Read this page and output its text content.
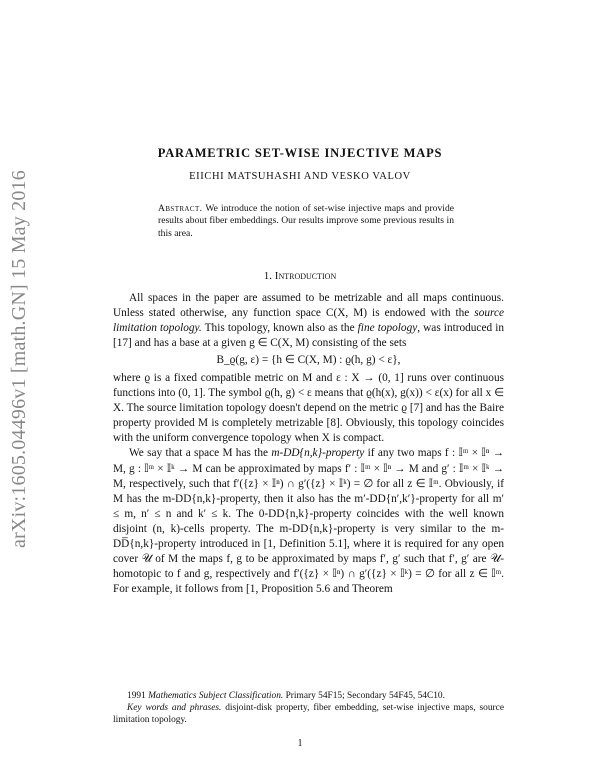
arXiv:1605.04496v1 [math.GN] 15 May 2016
PARAMETRIC SET-WISE INJECTIVE MAPS
EIICHI MATSUHASHI AND VESKO VALOV
Abstract. We introduce the notion of set-wise injective maps and provide results about fiber embeddings. Our results improve some previous results in this area.
1. Introduction

All spaces in the paper are assumed to be metrizable and all maps continuous. Unless stated otherwise, any function space C(X, M) is endowed with the source limitation topology. This topology, known also as the fine topology, was introduced in [17] and has a base at a given g ∈ C(X, M) consisting of the sets

B_ϱ(g, ε) = {h ∈ C(X, M) : ϱ(h, g) < ε},

where ϱ is a fixed compatible metric on M and ε : X → (0, 1] runs over continuous functions into (0, 1]. The symbol ϱ(h, g) < ε means that ϱ(h(x), g(x)) < ε(x) for all x ∈ X. The source limitation topology doesn't depend on the metric ϱ [7] and has the Baire property provided M is completely metrizable [8]. Obviously, this topology coincides with the uniform convergence topology when X is compact.

We say that a space M has the m-DD{n,k}-property if any two maps f : 𝕀ᵐ × 𝕀ⁿ → M, g : 𝕀ᵐ × 𝕀ᵏ → M can be approximated by maps f′ : 𝕀ᵐ × 𝕀ⁿ → M and g′ : 𝕀ᵐ × 𝕀ᵏ → M, respectively, such that f′({z} × 𝕀ⁿ) ∩ g′({z} × 𝕀ᵏ) = ∅ for all z ∈ 𝕀ᵐ. Obviously, if M has the m-DD{n,k}-property, then it also has the m′-DD{n′,k′}-property for all m′ ≤ m, n′ ≤ n and k′ ≤ k. The 0-DD{n,k}-property coincides with the well known disjoint (n, k)-cells property. The m-DD{n,k}-property is very similar to the m-DD̅{n,k}-property introduced in [1, Definition 5.1], where it is required for any open cover 𝒰 of M the maps f, g to be approximated by maps f′, g′ such that f′, g′ are 𝒰-homotopic to f and g, respectively and f′({z} × 𝕀ⁿ) ∩ g′({z} × 𝕀ᵏ) = ∅ for all z ∈ 𝕀ᵐ. For example, it follows from [1, Proposition 5.6 and Theorem

1991 Mathematics Subject Classification. Primary 54F15; Secondary 54F45, 54C10.

Key words and phrases. disjoint-disk property, fiber embedding, set-wise injective maps, source limitation topology.

1
